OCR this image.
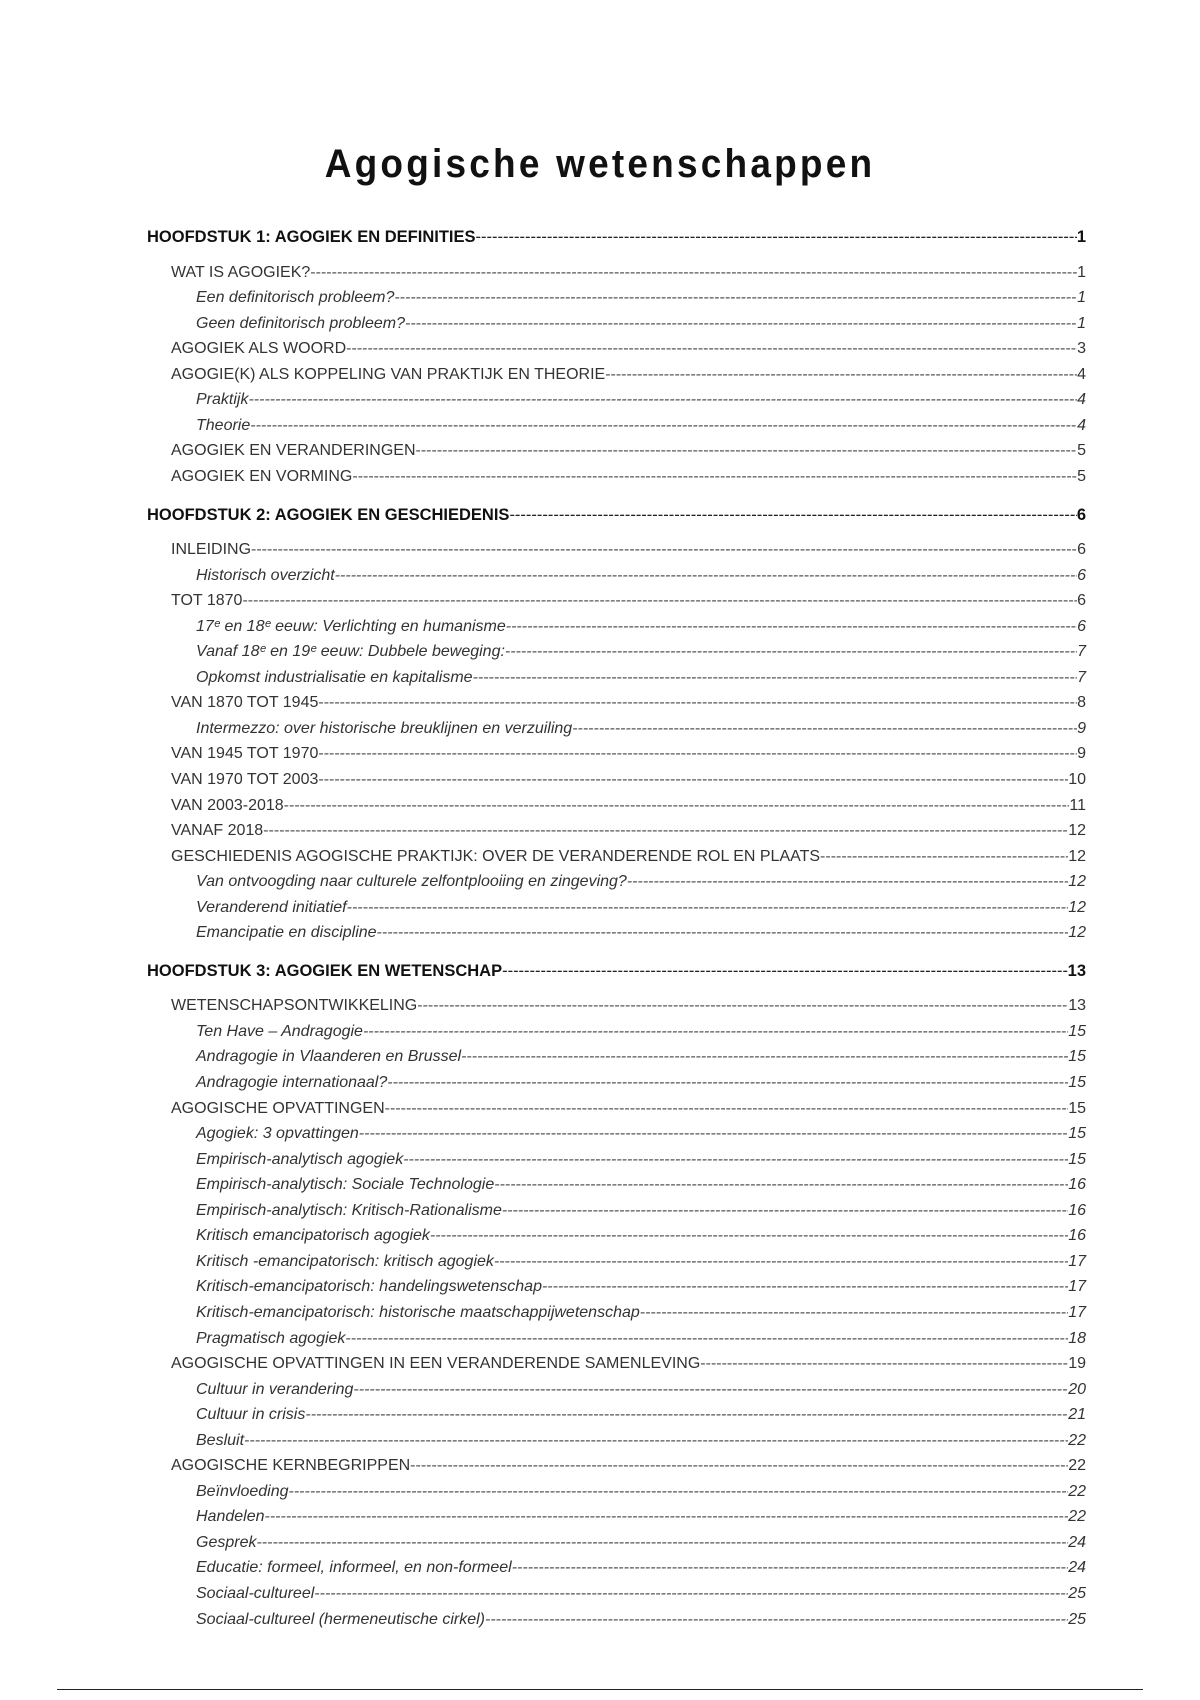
Agogische wetenschappen
HOOFDSTUK 1: AGOGIEK EN DEFINITIES -----	1
WAT IS AGOGIEK? -----	1
Een definitorisch probleem? -----	1
Geen definitorisch probleem? -----	1
AGOGIEK ALS WOORD -----	3
AGOGIE(K) ALS KOPPELING VAN PRAKTIJK EN THEORIE -----	4
Praktijk -----	4
Theorie -----	4
AGOGIEK EN VERANDERINGEN -----	5
AGOGIEK EN VORMING -----	5
HOOFDSTUK 2: AGOGIEK EN GESCHIEDENIS -----	6
INLEIDING -----	6
Historisch overzicht -----	6
TOT 1870 -----	6
17ᵉ en 18ᵉ eeuw: Verlichting en humanisme -----	6
Vanaf 18ᵉ en 19ᵉ eeuw: Dubbele beweging: -----	7
Opkomst industrialisatie en kapitalisme -----	7
VAN 1870 TOT 1945 -----	8
Intermezzo: over historische breuklijnen en verzuiling -----	9
VAN 1945 TOT 1970 -----	9
VAN 1970 TOT 2003 -----	10
VAN 2003-2018 -----	11
VANAF 2018 -----	12
GESCHIEDENIS AGOGISCHE PRAKTIJK: OVER DE VERANDERENDE ROL EN PLAATS -----	12
Van ontvoogding naar culturele zelfontplooiing en zingeving? -----	12
Veranderend initiatief -----	12
Emancipatie en discipline -----	12
HOOFDSTUK 3: AGOGIEK EN WETENSCHAP -----	13
WETENSCHAPSONTWIKKELING -----	13
Ten Have – Andragogie -----	15
Andragogie in Vlaanderen en Brussel -----	15
Andragogie internationaal? -----	15
AGOGISCHE OPVATTINGEN -----	15
Agogiek: 3 opvattingen -----	15
Empirisch-analytisch agogiek -----	15
Empirisch-analytisch: Sociale Technologie -----	16
Empirisch-analytisch: Kritisch-Rationalisme -----	16
Kritisch emancipatorisch agogiek -----	16
Kritisch -emancipatorisch: kritisch agogiek -----	17
Kritisch-emancipatorisch: handelingswetenschap -----	17
Kritisch-emancipatorisch: historische maatschappijwetenschap -----	17
Pragmatisch agogiek -----	18
AGOGISCHE OPVATTINGEN IN EEN VERANDERENDE SAMENLEVING -----	19
Cultuur in verandering -----	20
Cultuur in crisis -----	21
Besluit -----	22
AGOGISCHE KERNBEGRIPPEN -----	22
Beïnvloeding -----	22
Handelen -----	22
Gesprek -----	24
Educatie: formeel, informeel, en non-formeel -----	24
Sociaal-cultureel -----	25
Sociaal-cultureel (hermeneutische cirkel) -----	25
